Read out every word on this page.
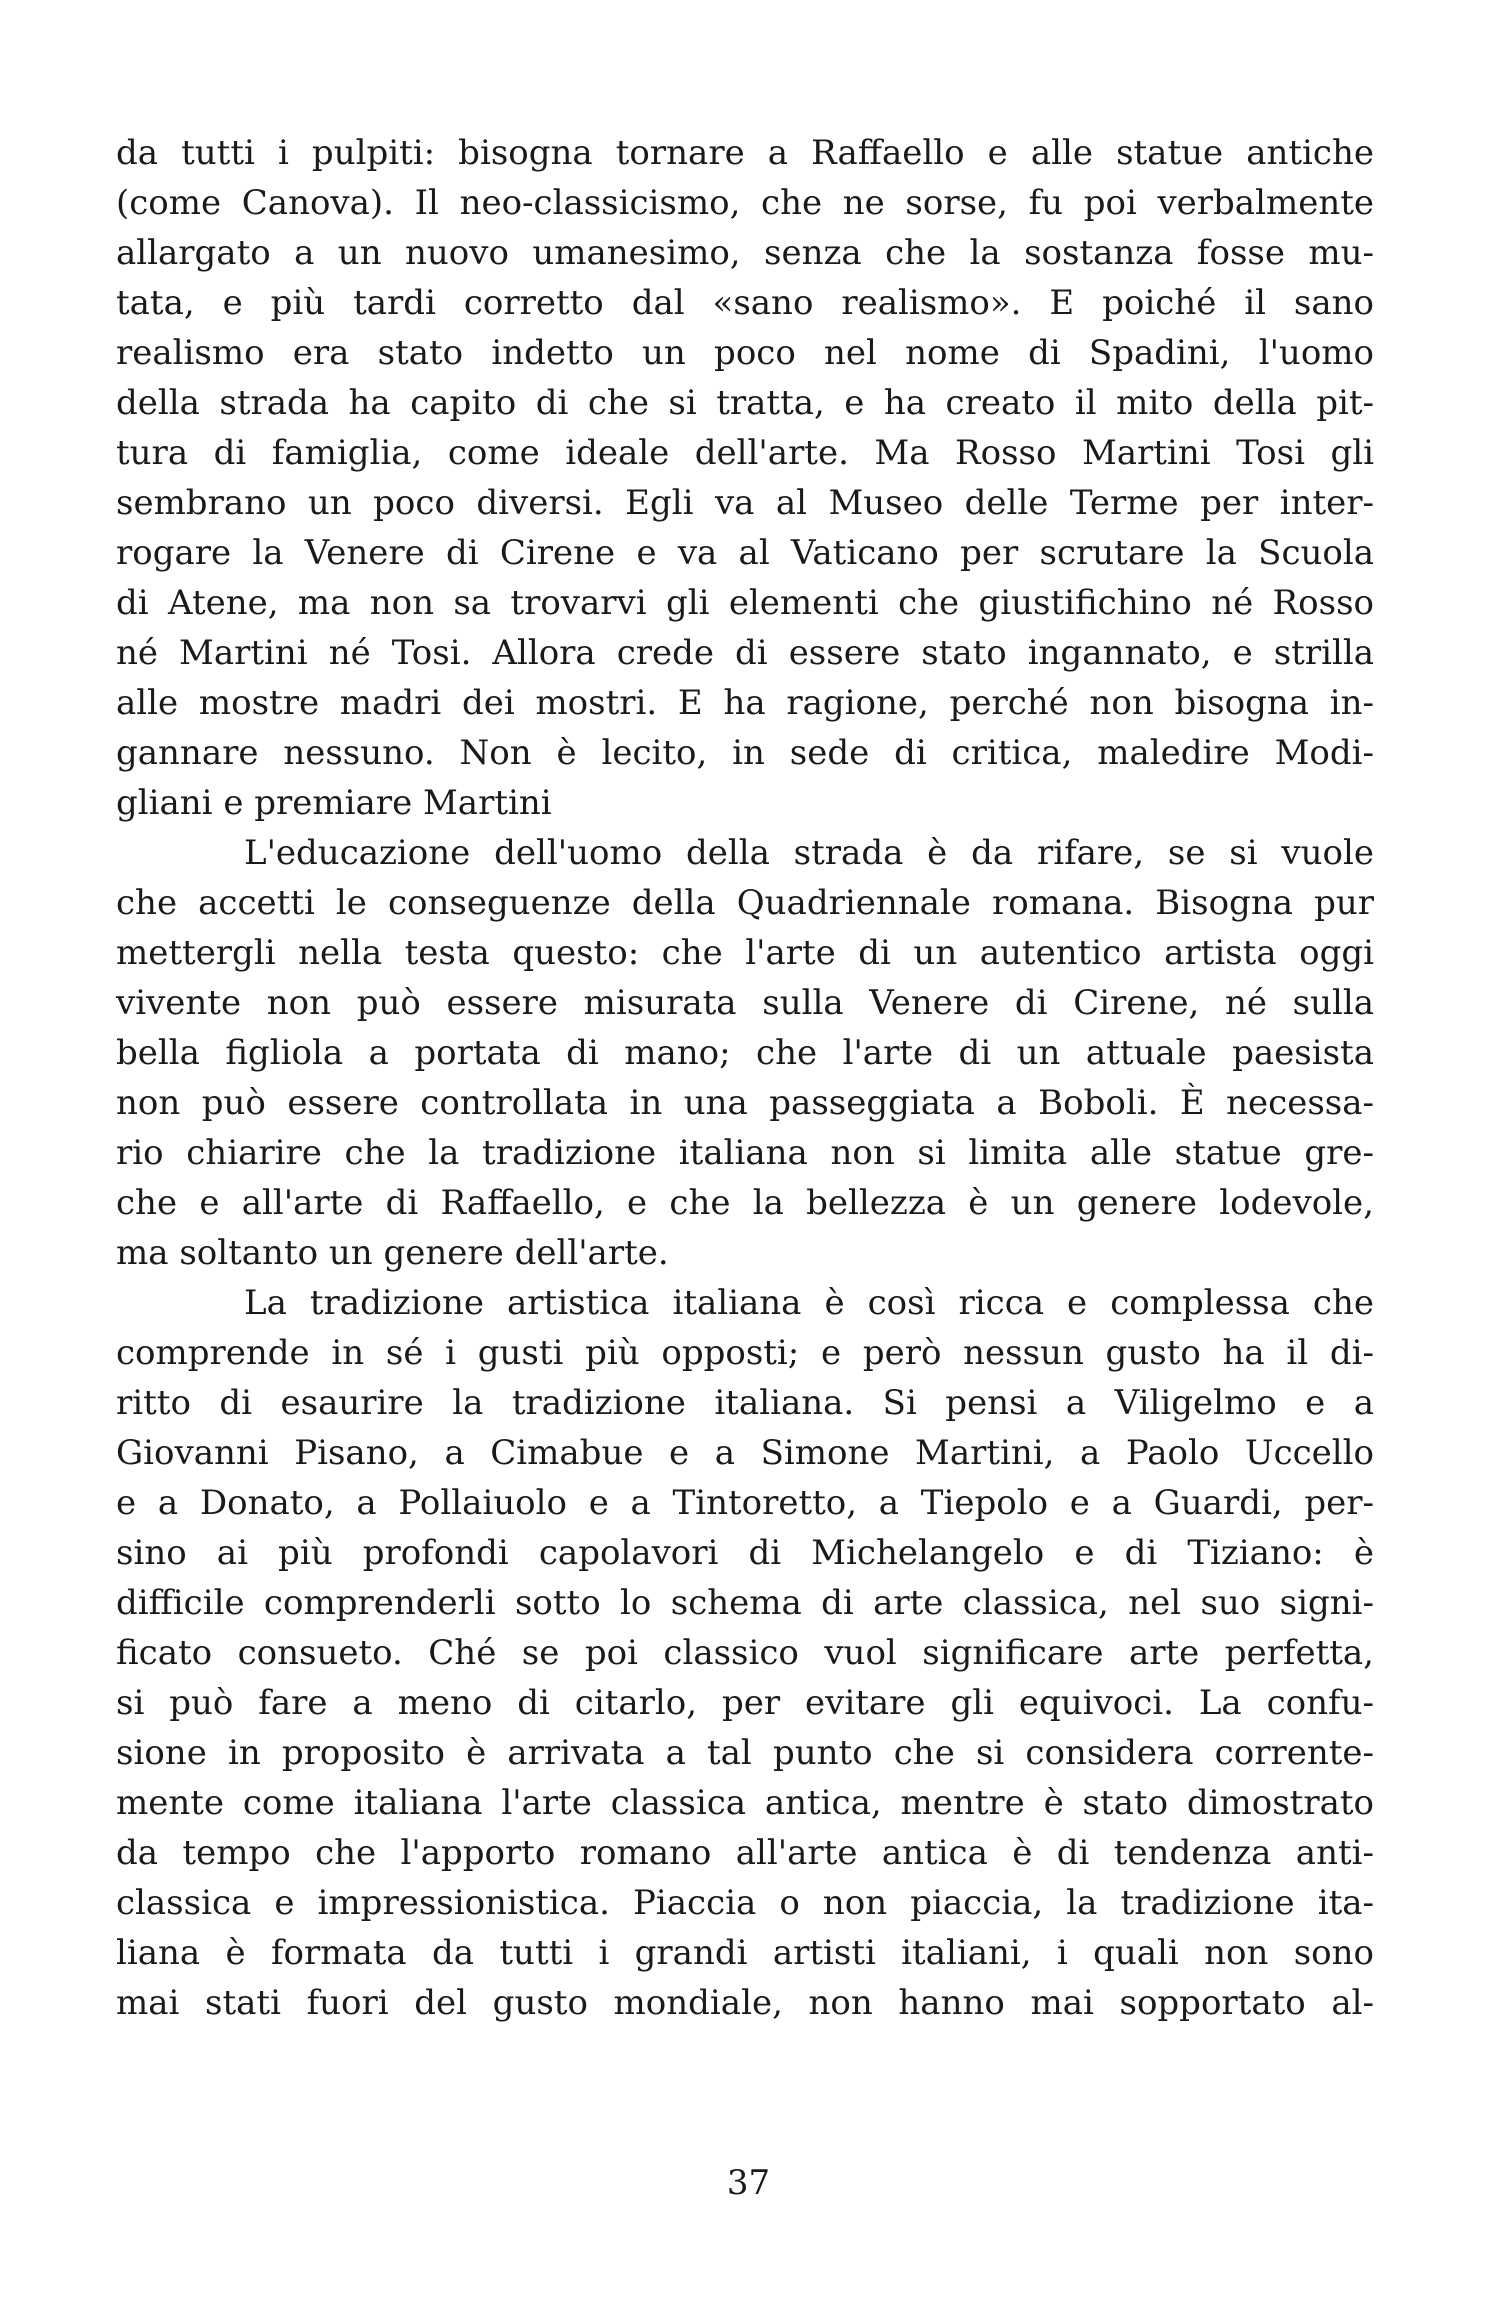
da tutti i pulpiti: bisogna tornare a Raffaello e alle statue antiche
(come Canova). Il neo-classicismo, che ne sorse, fu poi verbalmente
allargato a un nuovo umanesimo, senza che la sostanza fosse mu-
tata, e più tardi corretto dal «sano realismo». E poiché il sano
realismo era stato indetto un poco nel nome di Spadini, l'uomo
della strada ha capito di che si tratta, e ha creato il mito della pit-
tura di famiglia, come ideale dell'arte. Ma Rosso Martini Tosi gli
sembrano un poco diversi. Egli va al Museo delle Terme per inter-
rogare la Venere di Cirene e va al Vaticano per scrutare la Scuola
di Atene, ma non sa trovarvi gli elementi che giustifichino né Rosso
né Martini né Tosi. Allora crede di essere stato ingannato, e strilla
alle mostre madri dei mostri. E ha ragione, perché non bisogna in-
gannare nessuno. Non è lecito, in sede di critica, maledire Modi-
gliani e premiare Martini
L'educazione dell'uomo della strada è da rifare, se si vuole
che accetti le conseguenze della Quadriennale romana. Bisogna pur
mettergli nella testa questo: che l'arte di un autentico artista oggi
vivente non può essere misurata sulla Venere di Cirene, né sulla
bella figliola a portata di mano; che l'arte di un attuale paesista
non può essere controllata in una passeggiata a Boboli. È necessa-
rio chiarire che la tradizione italiana non si limita alle statue gre-
che e all'arte di Raffaello, e che la bellezza è un genere lodevole,
ma soltanto un genere dell'arte.
La tradizione artistica italiana è così ricca e complessa che
comprende in sé i gusti più opposti; e però nessun gusto ha il di-
ritto di esaurire la tradizione italiana. Si pensi a Viligelmo e a
Giovanni Pisano, a Cimabue e a Simone Martini, a Paolo Uccello
e a Donato, a Pollaiuolo e a Tintoretto, a Tiepolo e a Guardi, per-
sino ai più profondi capolavori di Michelangelo e di Tiziano: è
difficile comprenderli sotto lo schema di arte classica, nel suo signi-
ficato consueto. Ché se poi classico vuol significare arte perfetta,
si può fare a meno di citarlo, per evitare gli equivoci. La confu-
sione in proposito è arrivata a tal punto che si considera corrente-
mente come italiana l'arte classica antica, mentre è stato dimostrato
da tempo che l'apporto romano all'arte antica è di tendenza anti-
classica e impressionistica. Piaccia o non piaccia, la tradizione ita-
liana è formata da tutti i grandi artisti italiani, i quali non sono
mai stati fuori del gusto mondiale, non hanno mai sopportato al-
37
